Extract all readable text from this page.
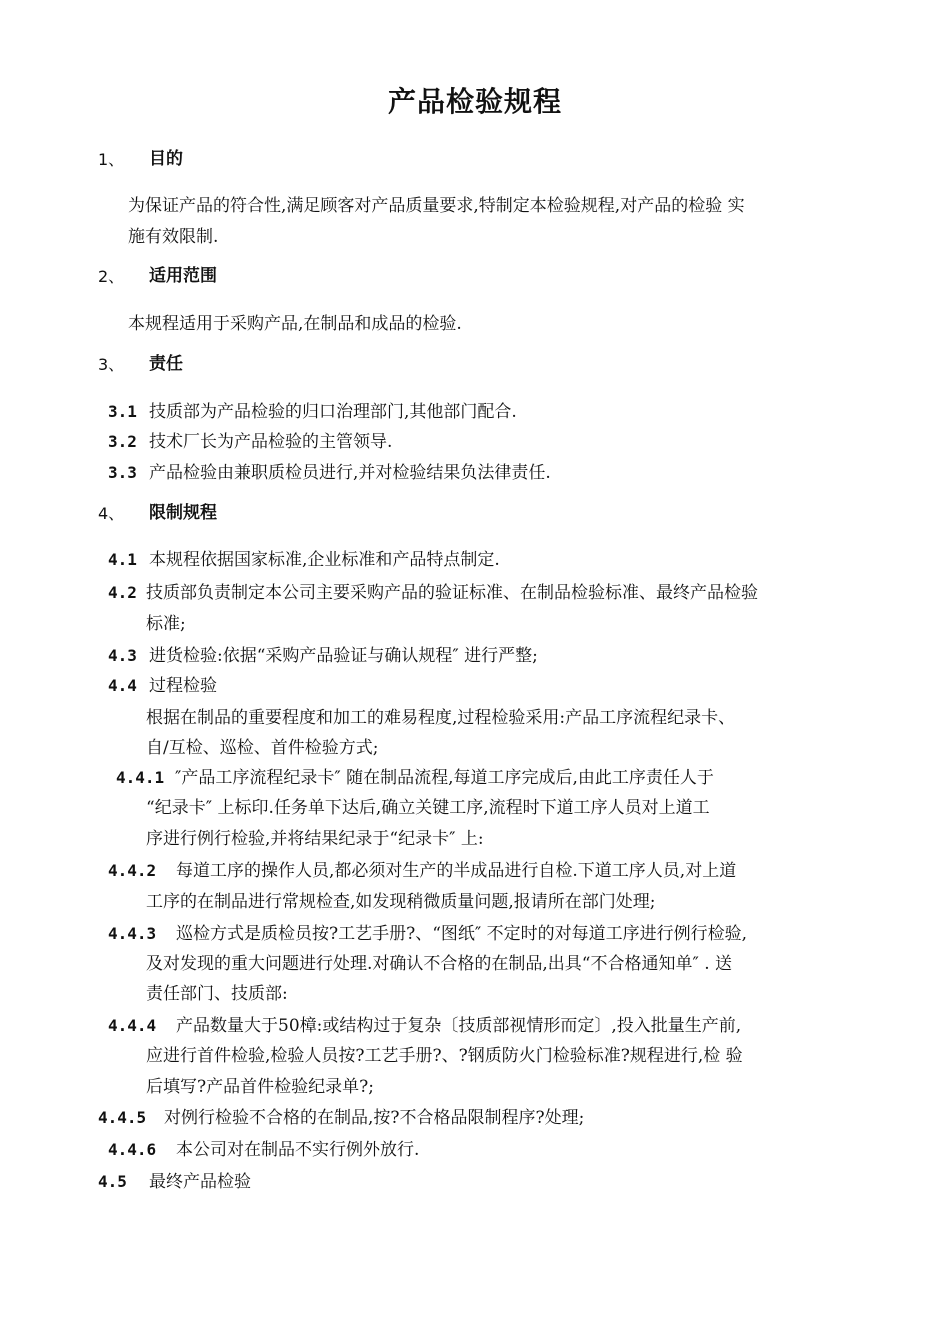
产品检验规程
1、 目的
为保证产品的符合性,满足顾客对产品质量要求,特制定本检验规程,对产品的检验 实
施有效限制.
2、 适用范围
本规程适用于采购产品,在制品和成品的检验.
3、 责任
3.1 技质部为产品检验的归口治理部门,其他部门配合.
3.2 技术厂长为产品检验的主管领导.
3.3 产品检验由兼职质检员进行,并对检验结果负法律责任.
4、 限制规程
4.1 本规程依据国家标准,企业标准和产品特点制定.
4.2 技质部负责制定本公司主要采购产品的验证标准、在制品检验标准、最终产品检验
标准;
4.3 进货检验:依据“采购产品验证与确认规程″ 进行严整;
4.4 过程检验
根据在制品的重要程度和加工的难易程度,过程检验采用:产品工序流程纪录卡、
自/互检、巡检、首件检验方式;
4.4.1 ″产品工序流程纪录卡″ 随在制品流程,每道工序完成后,由此工序责任人于
“纪录卡″ 上标印.任务单下达后,确立关键工序,流程时下道工序人员对上道工
序进行例行检验,并将结果纪录于“纪录卡″ 上:
4.4.2 每道工序的操作人员,都必须对生产的半成品进行自检.下道工序人员,对上道
工序的在制品进行常规检查,如发现稍微质量问题,报请所在部门处理;
4.4.3 巡检方式是质检员按?工艺手册?、“图纸″ 不定时的对每道工序进行例行检验,
及对发现的重大问题进行处理.对确认不合格的在制品,出具“不合格通知单″ . 送
责任部门、技质部:
4.4.4 产品数量大于50樟:或结构过于复杂〔技质部视情形而定〕,投入批量生产前,
应进行首件检验,检验人员按?工艺手册?、?钢质防火门检验标准?规程进行,检 验
后填写?产品首件检验纪录单?;
4.4.5 对例行检验不合格的在制品,按?不合格品限制程序?处理;
4.4.6 本公司对在制品不实行例外放行.
4.5 最终产品检验
